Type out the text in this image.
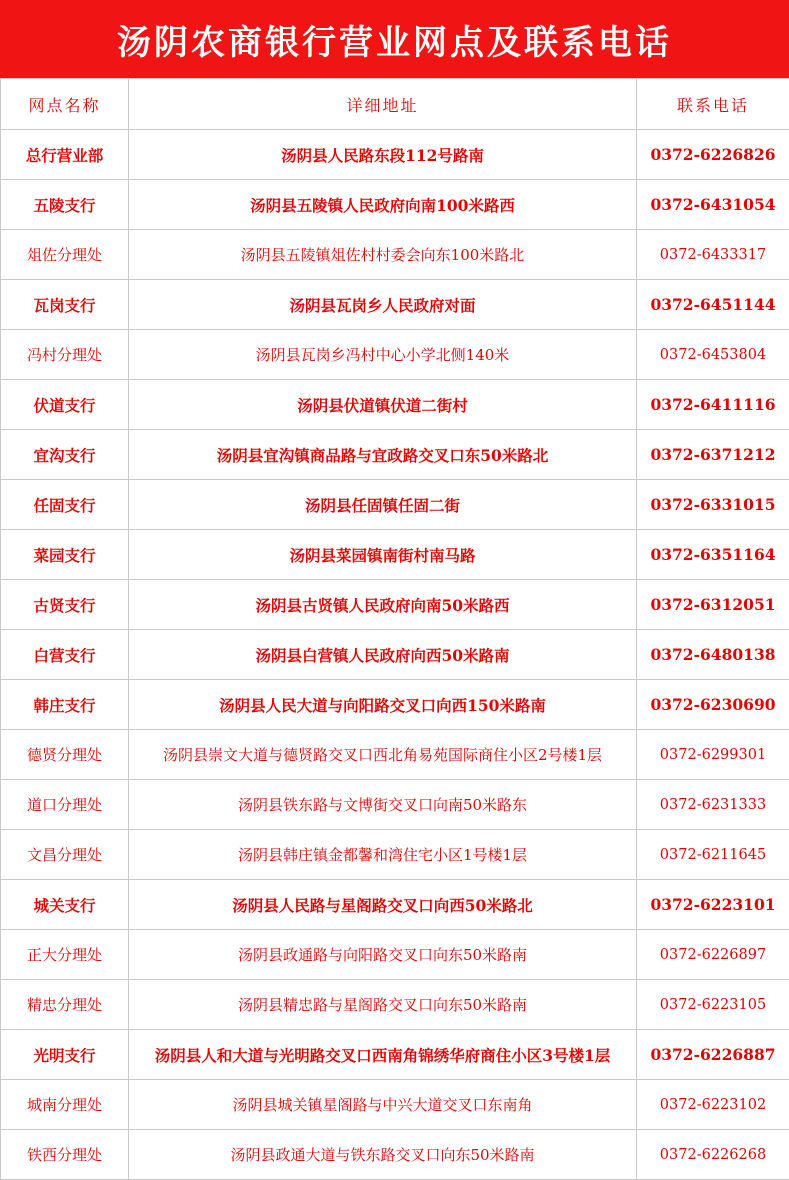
汤阴农商银行营业网点及联系电话
网点名称	详细地址	联系电话
总行营业部	汤阴县人民路东段112号路南	0372-6226826
五陵支行	汤阴县五陵镇人民政府向南100米路西	0372-6431054
俎佐分理处	汤阴县五陵镇俎佐村村委会向东100米路北	0372-6433317
瓦岗支行	汤阴县瓦岗乡人民政府对面	0372-6451144
冯村分理处	汤阴县瓦岗乡冯村中心小学北侧140米	0372-6453804
伏道支行	汤阴县伏道镇伏道二街村	0372-6411116
宜沟支行	汤阴县宜沟镇商品路与宜政路交叉口东50米路北	0372-6371212
任固支行	汤阴县任固镇任固二街	0372-6331015
菜园支行	汤阴县菜园镇南街村南马路	0372-6351164
古贤支行	汤阴县古贤镇人民政府向南50米路西	0372-6312051
白营支行	汤阴县白营镇人民政府向西50米路南	0372-6480138
韩庄支行	汤阴县人民大道与向阳路交叉口向西150米路南	0372-6230690
德贤分理处	汤阴县崇文大道与德贤路交叉口西北角易苑国际商住小区2号楼1层	0372-6299301
道口分理处	汤阴县铁东路与文博街交叉口向南50米路东	0372-6231333
文昌分理处	汤阴县韩庄镇金都馨和湾住宅小区1号楼1层	0372-6211645
城关支行	汤阴县人民路与星阁路交叉口向西50米路北	0372-6223101
正大分理处	汤阴县政通路与向阳路交叉口向东50米路南	0372-6226897
精忠分理处	汤阴县精忠路与星阁路交叉口向东50米路南	0372-6223105
光明支行	汤阴县人和大道与光明路交叉口西南角锦绣华府商住小区3号楼1层	0372-6226887
城南分理处	汤阴县城关镇星阁路与中兴大道交叉口东南角	0372-6223102
铁西分理处	汤阴县政通大道与铁东路交叉口向东50米路南	0372-6226268
